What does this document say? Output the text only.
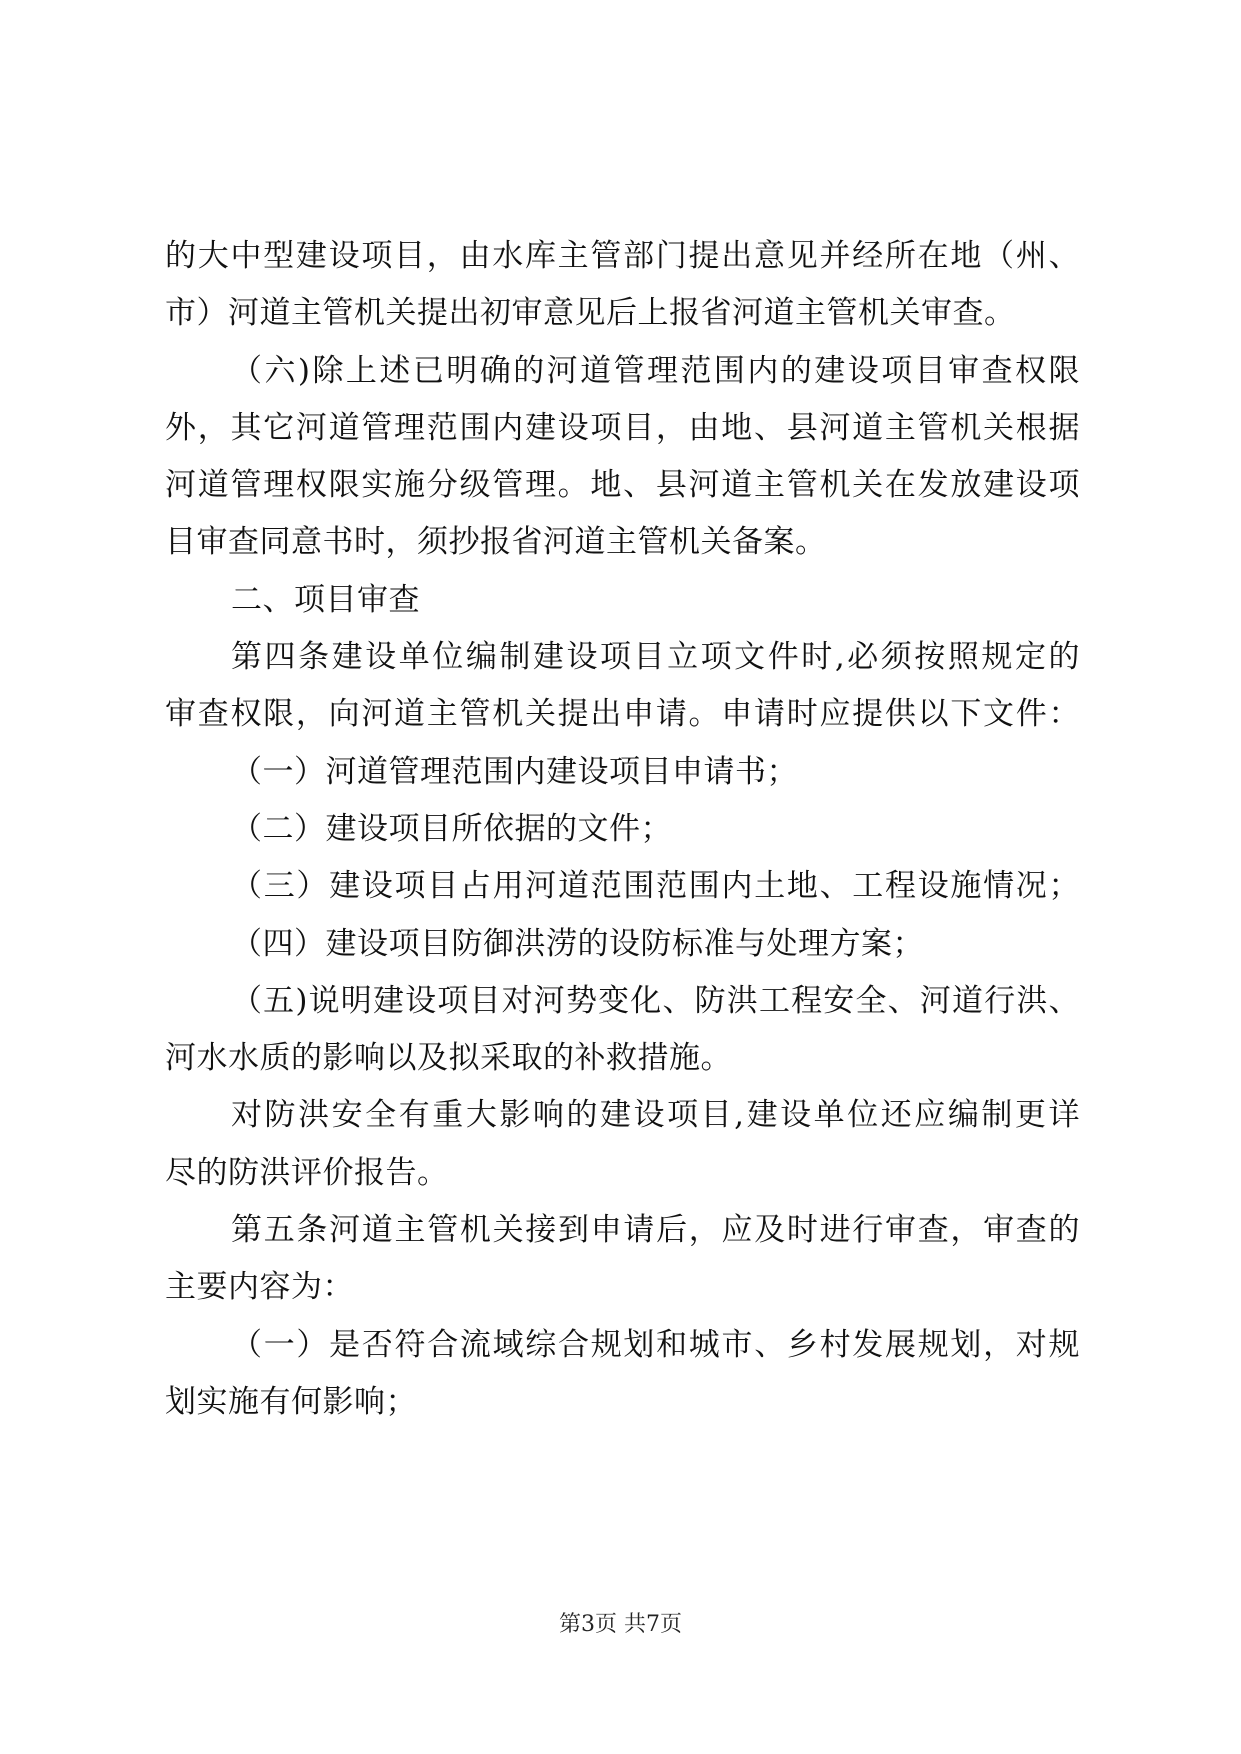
的大中型建设项目，由水库主管部门提出意见并经所在地（州、
市）河道主管机关提出初审意见后上报省河道主管机关审查。
（六)除上述已明确的河道管理范围内的建设项目审查权限
外，其它河道管理范围内建设项目，由地、县河道主管机关根据
河道管理权限实施分级管理。地、县河道主管机关在发放建设项
目审查同意书时，须抄报省河道主管机关备案。
二、项目审查
第四条建设单位编制建设项目立项文件时,必须按照规定的
审查权限，向河道主管机关提出申请。申请时应提供以下文件：
（一）河道管理范围内建设项目申请书；
（二）建设项目所依据的文件；
（三）建设项目占用河道范围范围内土地、工程设施情况；
（四）建设项目防御洪涝的设防标准与处理方案；
（五)说明建设项目对河势变化、防洪工程安全、河道行洪、
河水水质的影响以及拟采取的补救措施。
对防洪安全有重大影响的建设项目,建设单位还应编制更详
尽的防洪评价报告。
第五条河道主管机关接到申请后，应及时进行审查，审查的
主要内容为：
（一）是否符合流域综合规划和城市、乡村发展规划，对规
划实施有何影响；
第3页 共7页
